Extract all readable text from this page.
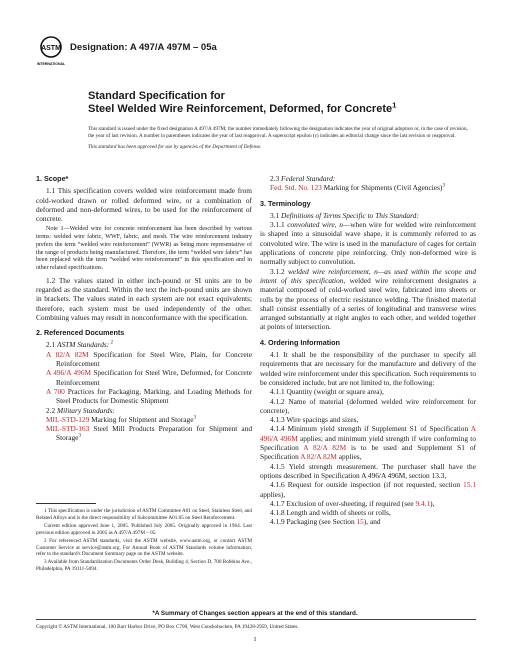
ASTM
INTERNATIONAL
Designation: A 497/A 497M – 05a
Standard Specification for
Steel Welded Wire Reinforcement, Deformed, for Concrete$^1$

This standard is issued under the fixed designation A 497/A 497M; the number immediately following the designation indicates the year of original adoption or, in the case of revision, the year of last revision. A number in parentheses indicates the year of last reapproval. A superscript epsilon (ε) indicates an editorial change since the last revision or reapproval.

This standard has been approved for use by agencies of the Department of Defense.

1. Scope*

1.1 This specification covers welded wire reinforcement made from cold-worked drawn or rolled deformed wire, or a combination of deformed and non-deformed wires, to be used for the reinforcement of concrete.

Note 1—Welded wire for concrete reinforcement has been described by various terms: welded wire fabric, WWF, fabric, and mesh. The wire reinforcement industry prefers the term “welded wire reinforcement” (WWR) as being more representative of the range of products being manufactured. Therefore, the term “welded wire fabric” has been replaced with the term “welded wire reinforcement” in this specification and in other related specifications.

1.2 The values stated in either inch-pound or SI units are to be regarded as the standard. Within the text the inch-pound units are shown in brackets. The values stated in each system are not exact equivalents; therefore, each system must be used independently of the other. Combining values may result in nonconformance with the specification.

2. Referenced Documents

2.1 ASTM Standards: $^2$

A 82/A 82M Specification for Steel Wire, Plain, for Concrete Reinforcement

A 496/A 496M Specification for Steel Wire, Deformed, for Concrete Reinforcement

A 700 Practices for Packaging, Marking, and Loading Methods for Steel Products for Domestic Shipment

2.2 Military Standards:

MIL-STD-129 Marking for Shipment and Storage$^3$

MIL-STD-163 Steel Mill Products Preparation for Shipment and Storage$^3$

1 This specification is under the jurisdiction of ASTM Committee A01 on Steel, Stainless Steel, and Related Alloys and is the direct responsibility of Subcommittee A01.05 on Steel Reinforcement.

Current edition approved June 1, 2005. Published July 2005. Originally approved in 1964. Last previous edition approved in 2005 as A 497/A 497M – 05.

2 For referenced ASTM standards, visit the ASTM website, www.astm.org, or contact ASTM Customer Service at service@astm.org. For Annual Book of ASTM Standards volume information, refer to the standard's Document Summary page on the ASTM website.

3 Available from Standardization Documents Order Desk, Building 4, Section D, 700 Robbins Ave., Philadelphia, PA 19111-5094.

2.3 Federal Standard:

Fed. Std. No. 123 Marking for Shipments (Civil Agencies)$^3$

3. Terminology

3.1 Definitions of Terms Specific to This Standard:

3.1.1 convoluted wire, n—when wire for welded wire reinforcement is shaped into a sinusoidal wave shape, it is commonly referred to as convoluted wire. The wire is used in the manufacture of cages for certain applications of concrete pipe reinforcing. Only non-deformed wire is normally subject to convolution.

3.1.2 welded wire reinforcement, n—as used within the scope and intent of this specification, welded wire reinforcement designates a material composed of cold-worked steel wire, fabricated into sheets or rolls by the process of electric resistance welding. The finished material shall consist essentially of a series of longitudinal and transverse wires arranged substantially at right angles to each other, and welded together at points of intersection.

4. Ordering Information

4.1 It shall be the responsibility of the purchaser to specify all requirements that are necessary for the manufacture and delivery of the welded wire reinforcement under this specification. Such requirements to be considered include, but are not limited to, the following:

4.1.1 Quantity (weight or square area),

4.1.2 Name of material (deformed welded wire reinforcement for concrete),

4.1.3 Wire spacings and sizes,

4.1.4 Minimum yield strength if Supplement S1 of Specification A 496/A 496M applies; and minimum yield strength if wire conforming to Specification A 82/A 82M is to be used and Supplement S1 of Specification A 82/A 82M applies,

4.1.5 Yield strength measurement. The purchaser shall have the options described in Specification A 496/A 496M, section 13.3,

4.1.6 Request for outside inspection (if not requested, section 15.1 applies),

4.1.7 Exclusion of over-sheeting, if required (see 9.4.1),

4.1.8 Length and width of sheets or rolls,

4.1.9 Packaging (see Section 15), and

*A Summary of Changes section appears at the end of this standard.
Copyright © ASTM International, 100 Barr Harbor Drive, PO Box C700, West Conshohocken, PA 19428-2959, United States.
1
